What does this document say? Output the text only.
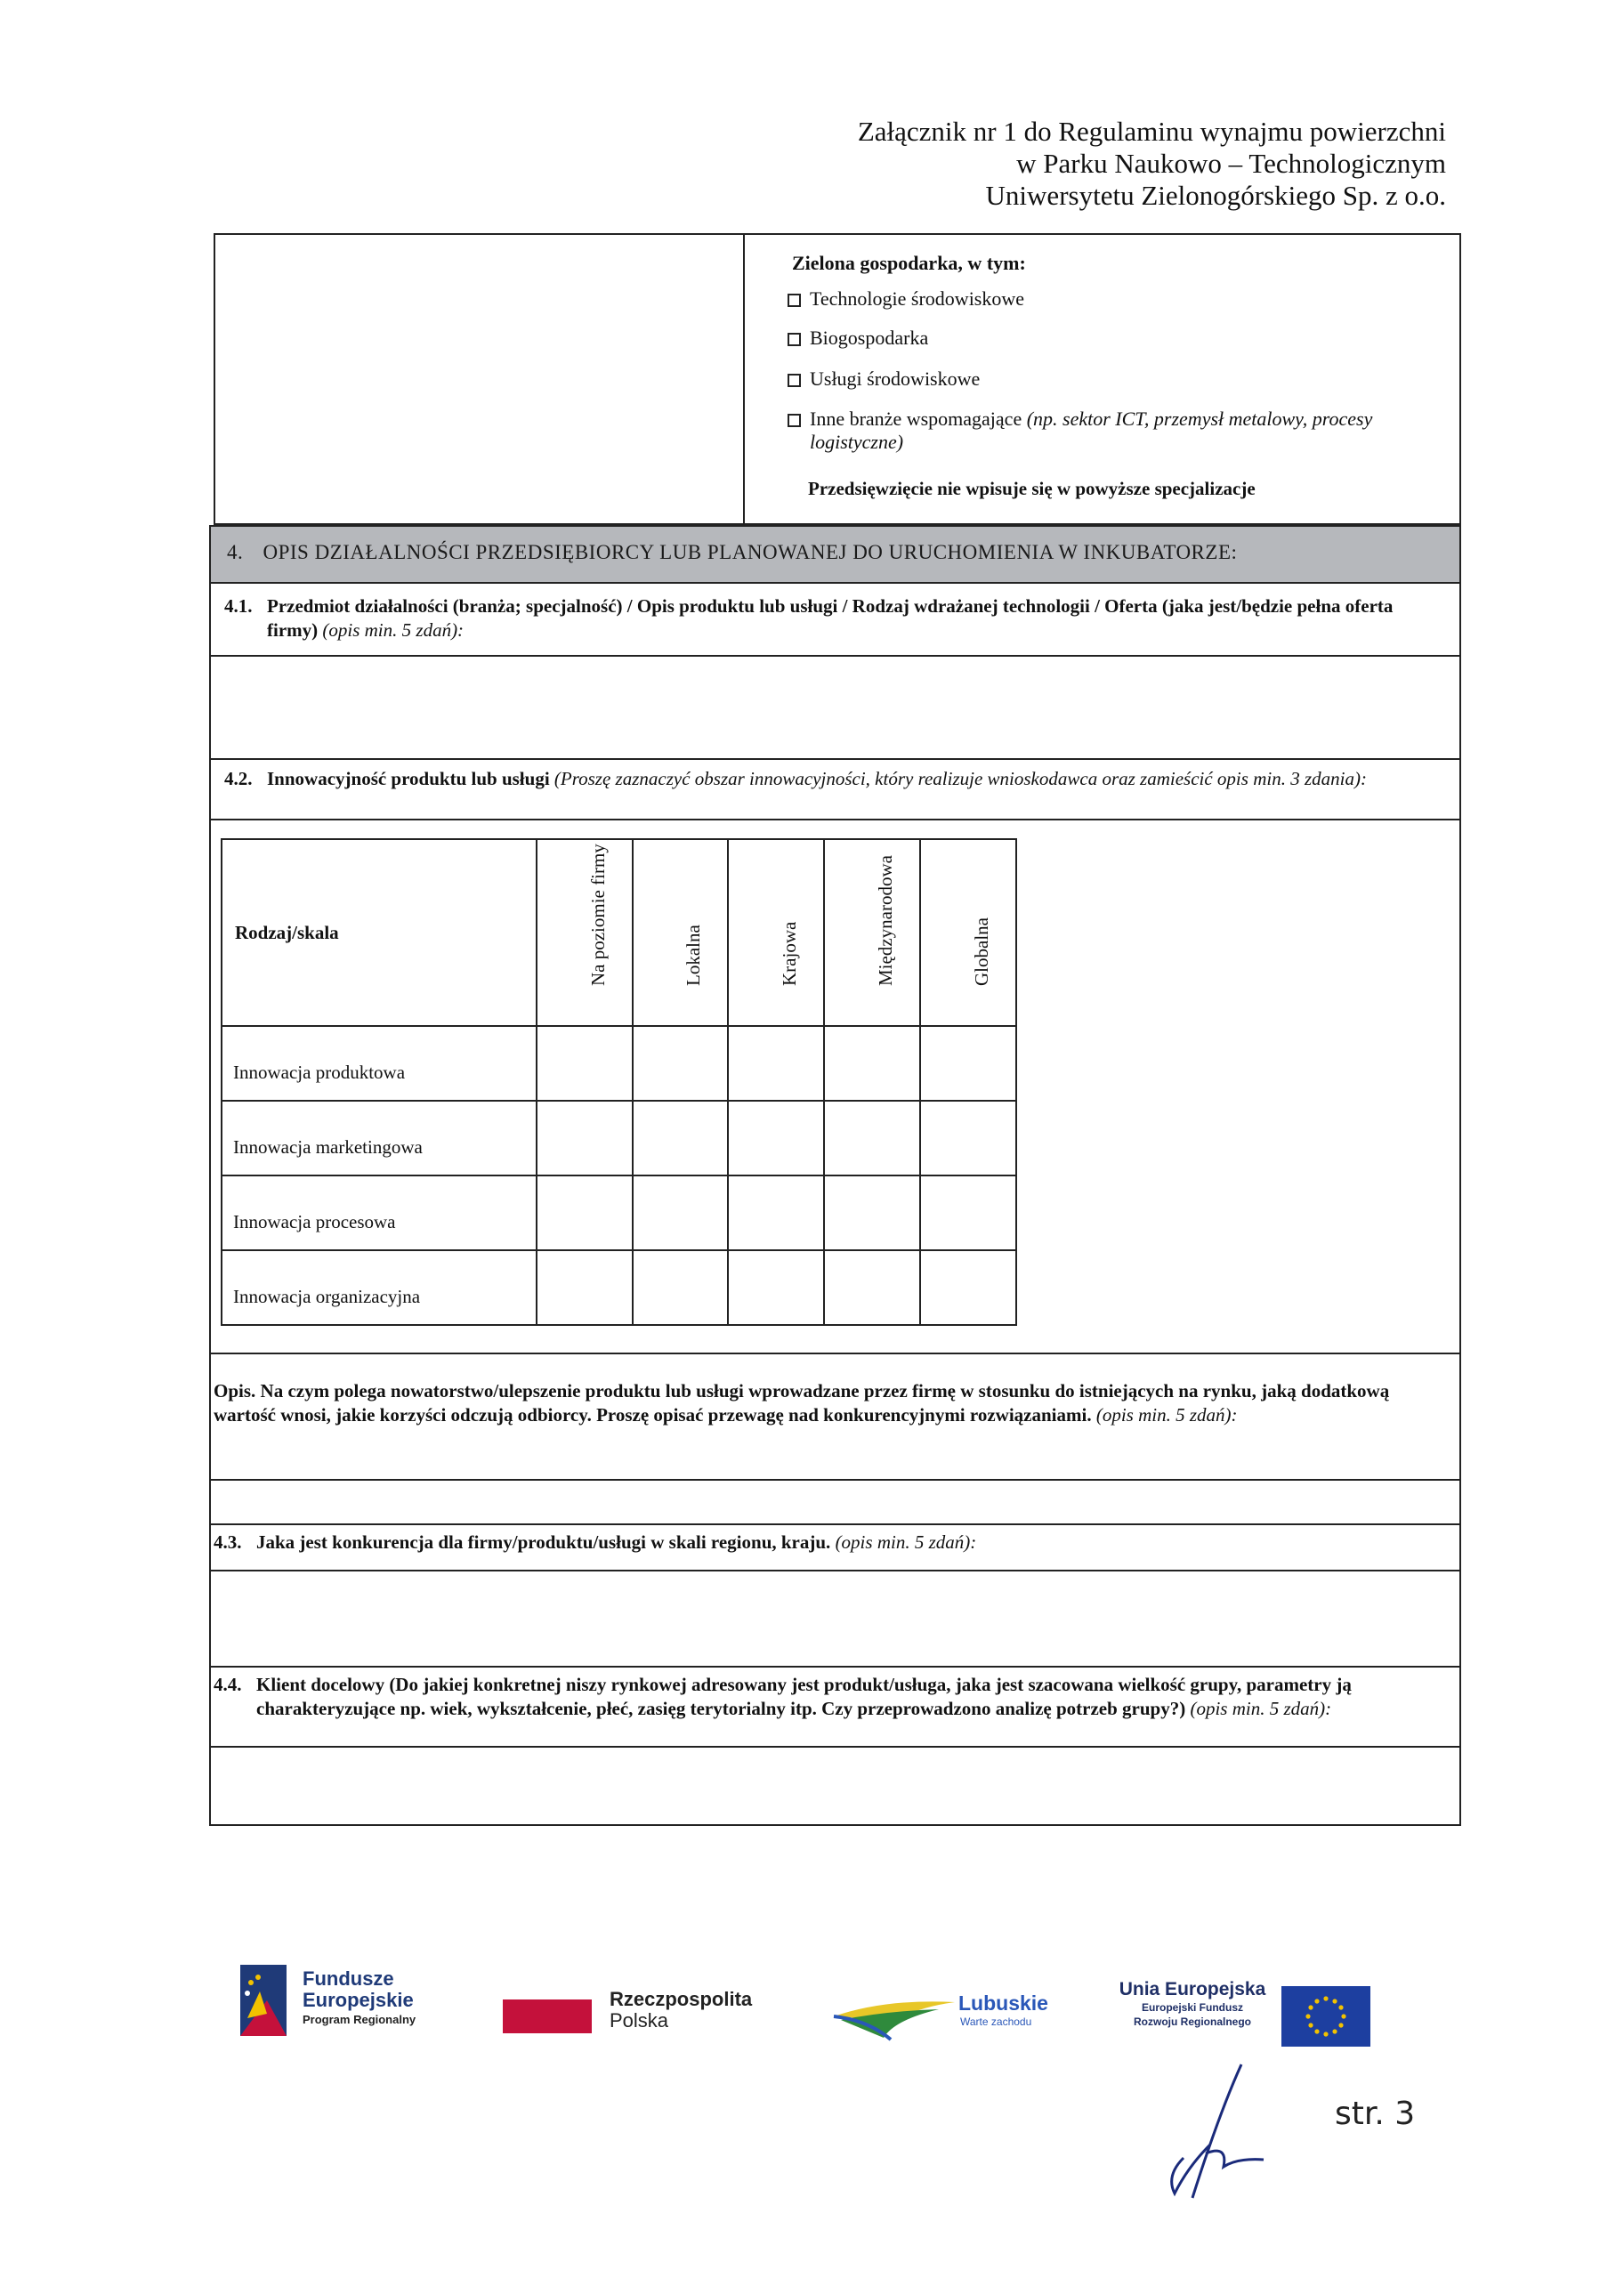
Załącznik nr 1 do Regulaminu wynajmu powierzchni
w Parku Naukowo – Technologicznym
Uniwersytetu Zielonogórskiego Sp. z o.o.
Zielona gospodarka, w tym:
Technologie środowiskowe
Biogospodarka
Usługi środowiskowe
Inne branże wspomagające (np. sektor ICT, przemysł metalowy, procesy logistyczne)
Przedsięwzięcie nie wpisuje się w powyższe specjalizacje
4. OPIS DZIAŁALNOŚCI PRZEDSIĘBIORCY LUB PLANOWANEJ DO URUCHOMIENIA W INKUBATORZE:
4.1. Przedmiot działalności (branża; specjalność) / Opis produktu lub usługi / Rodzaj wdrażanej technologii / Oferta (jaka jest/będzie pełna oferta firmy) (opis min. 5 zdań):
4.2. Innowacyjność produktu lub usługi (Proszę zaznaczyć obszar innowacyjności, który realizuje wnioskodawca oraz zamieścić opis min. 3 zdania):
Rodzaj/skala	Na poziomie firmy	Lokalna	Krajowa	Międzynarodowa	Globalna

Innowacja produktowa					
Innowacja marketingowa					
Innowacja procesowa					
Innowacja organizacyjna					
Opis. Na czym polega nowatorstwo/ulepszenie produktu lub usługi wprowadzane przez firmę w stosunku do istniejących na rynku, jaką dodatkową wartość wnosi, jakie korzyści odczują odbiorcy. Proszę opisać przewagę nad konkurencyjnymi rozwiązaniami. (opis min. 5 zdań):
4.3. Jaka jest konkurencja dla firmy/produktu/usługi w skali regionu, kraju. (opis min. 5 zdań):
4.4. Klient docelowy (Do jakiej konkretnej niszy rynkowej adresowany jest produkt/usługa, jaka jest szacowana wielkość grupy, parametry ją charakteryzujące np. wiek, wykształcenie, płeć, zasięg terytorialny itp. Czy przeprowadzono analizę potrzeb grupy?) (opis min. 5 zdań):
Fundusze
Europejskie
Program Regionalny
Rzeczpospolita
Polska
Lubuskie
Warte zachodu
Unia Europejska
Europejski Fundusz
Rozwoju Regionalnego
str. 3
